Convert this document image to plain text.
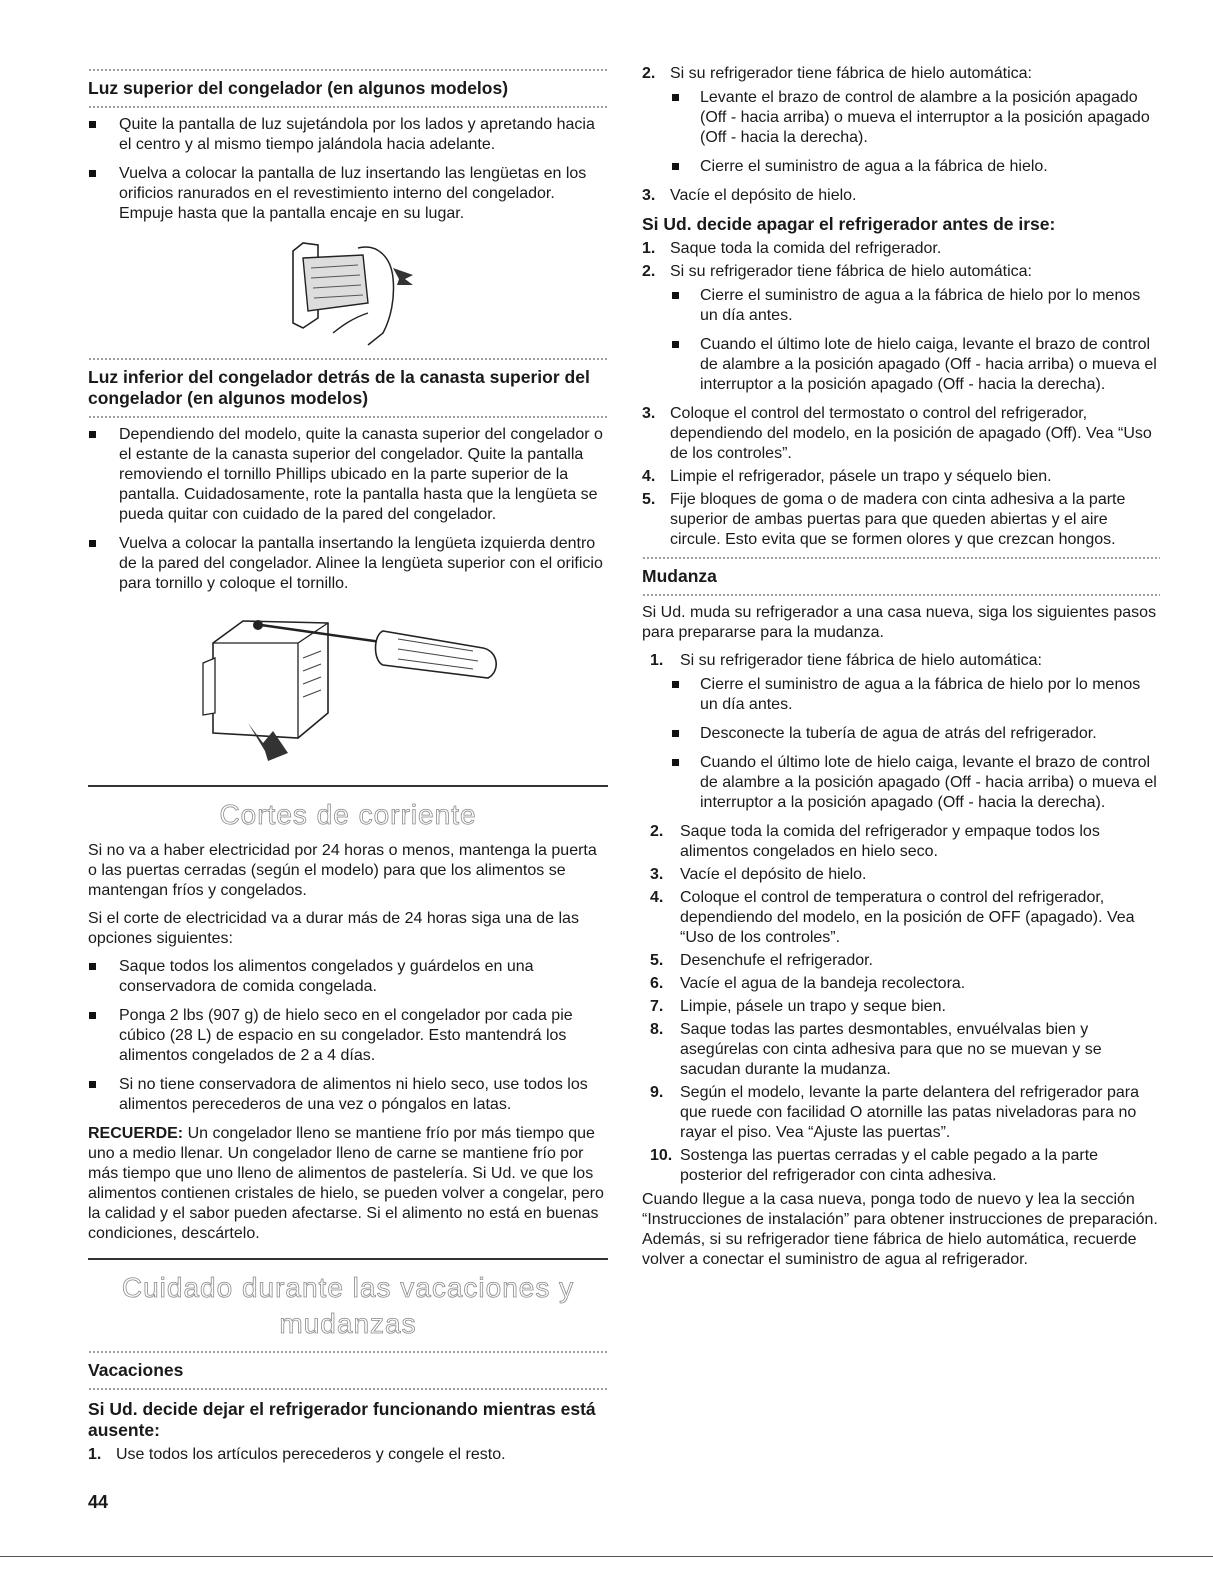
Luz superior del congelador (en algunos modelos)
Quite la pantalla de luz sujetándola por los lados y apretando hacia el centro y al mismo tiempo jalándola hacia adelante.
Vuelva a colocar la pantalla de luz insertando las lengüetas en los orificios ranurados en el revestimiento interno del congelador. Empuje hasta que la pantalla encaje en su lugar.
Luz inferior del congelador detrás de la canasta superior del congelador (en algunos modelos)
Dependiendo del modelo, quite la canasta superior del congelador o el estante de la canasta superior del congelador. Quite la pantalla removiendo el tornillo Phillips ubicado en la parte superior de la pantalla. Cuidadosamente, rote la pantalla hasta que la lengüeta se pueda quitar con cuidado de la pared del congelador.
Vuelva a colocar la pantalla insertando la lengüeta izquierda dentro de la pared del congelador. Alinee la lengüeta superior con el orificio para tornillo y coloque el tornillo.
Cortes de corriente

Si no va a haber electricidad por 24 horas o menos, mantenga la puerta o las puertas cerradas (según el modelo) para que los alimentos se mantengan fríos y congelados.

Si el corte de electricidad va a durar más de 24 horas siga una de las opciones siguientes:

Saque todos los alimentos congelados y guárdelos en una conservadora de comida congelada.
Ponga 2 lbs (907 g) de hielo seco en el congelador por cada pie cúbico (28 L) de espacio en su congelador. Esto mantendrá los alimentos congelados de 2 a 4 días.
Si no tiene conservadora de alimentos ni hielo seco, use todos los alimentos perecederos de una vez o póngalos en latas.

RECUERDE: Un congelador lleno se mantiene frío por más tiempo que uno a medio llenar. Un congelador lleno de carne se mantiene frío por más tiempo que uno lleno de alimentos de pastelería. Si Ud. ve que los alimentos contienen cristales de hielo, se pueden volver a congelar, pero la calidad y el sabor pueden afectarse. Si el alimento no está en buenas condiciones, descártelo.

Cuidado durante las vacaciones y
mudanzas
Vacaciones
Si Ud. decide dejar el refrigerador funcionando mientras está ausente:
1. Use todos los artículos perecederos y congele el resto.
2. Si su refrigerador tiene fábrica de hielo automática:
Levante el brazo de control de alambre a la posición apagado (Off - hacia arriba) o mueva el interruptor a la posición apagado (Off - hacia la derecha).
Cierre el suministro de agua a la fábrica de hielo.
3. Vacíe el depósito de hielo.
Si Ud. decide apagar el refrigerador antes de irse:
1. Saque toda la comida del refrigerador.
2. Si su refrigerador tiene fábrica de hielo automática:
Cierre el suministro de agua a la fábrica de hielo por lo menos un día antes.
Cuando el último lote de hielo caiga, levante el brazo de control de alambre a la posición apagado (Off - hacia arriba) o mueva el interruptor a la posición apagado (Off - hacia la derecha).
3. Coloque el control del termostato o control del refrigerador, dependiendo del modelo, en la posición de apagado (Off). Vea “Uso de los controles”.
4. Limpie el refrigerador, pásele un trapo y séquelo bien.
5. Fije bloques de goma o de madera con cinta adhesiva a la parte superior de ambas puertas para que queden abiertas y el aire circule. Esto evita que se formen olores y que crezcan hongos.
Mudanza

Si Ud. muda su refrigerador a una casa nueva, siga los siguientes pasos para prepararse para la mudanza.

1. Si su refrigerador tiene fábrica de hielo automática:
Cierre el suministro de agua a la fábrica de hielo por lo menos un día antes.
Desconecte la tubería de agua de atrás del refrigerador.
Cuando el último lote de hielo caiga, levante el brazo de control de alambre a la posición apagado (Off - hacia arriba) o mueva el interruptor a la posición apagado (Off - hacia la derecha).
2. Saque toda la comida del refrigerador y empaque todos los alimentos congelados en hielo seco.
3. Vacíe el depósito de hielo.
4. Coloque el control de temperatura o control del refrigerador, dependiendo del modelo, en la posición de OFF (apagado). Vea “Uso de los controles”.
5. Desenchufe el refrigerador.
6. Vacíe el agua de la bandeja recolectora.
7. Limpie, pásele un trapo y seque bien.
8. Saque todas las partes desmontables, envuélvalas bien y asegúrelas con cinta adhesiva para que no se muevan y se sacudan durante la mudanza.
9. Según el modelo, levante la parte delantera del refrigerador para que ruede con facilidad O atornille las patas niveladoras para no rayar el piso. Vea “Ajuste las puertas”.
10. Sostenga las puertas cerradas y el cable pegado a la parte posterior del refrigerador con cinta adhesiva.

Cuando llegue a la casa nueva, ponga todo de nuevo y lea la sección “Instrucciones de instalación” para obtener instrucciones de preparación. Además, si su refrigerador tiene fábrica de hielo automática, recuerde volver a conectar el suministro de agua al refrigerador.

44
